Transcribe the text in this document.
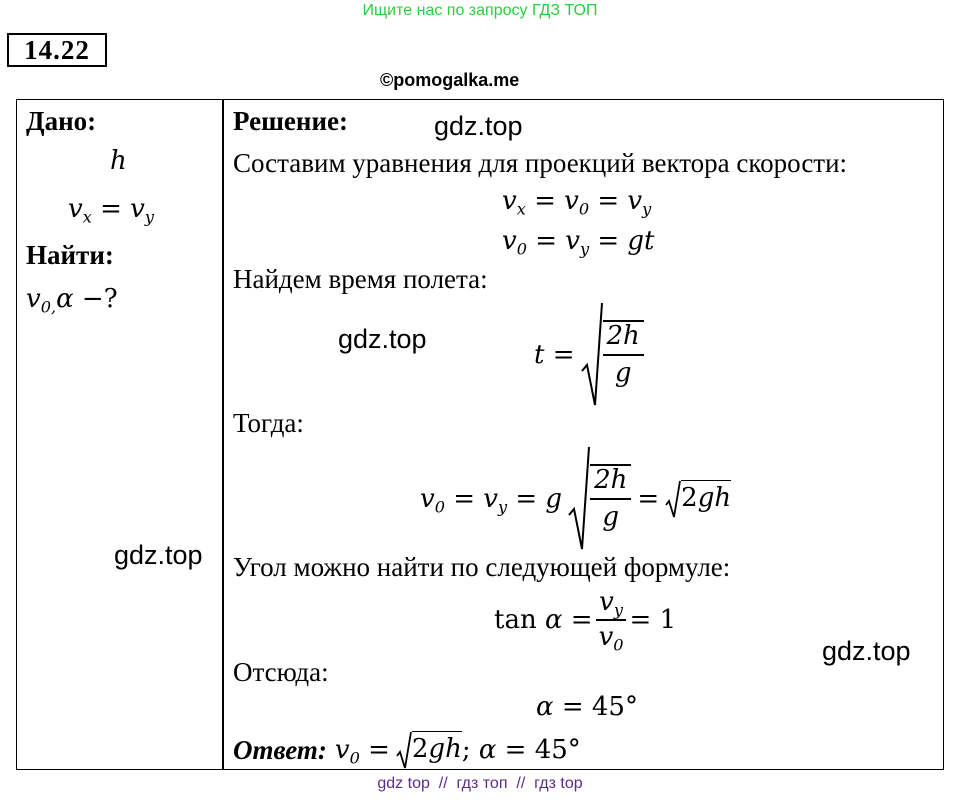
Ищите нас по запросу ГДЗ ТОП
14.22
©pomogalka.me
Дано:
h
$v_x = v_y$
Найти:
$v_{0,}\alpha$ −?
Решение:
Составим уравнения для проекций вектора скорости:
$v_x = v_0 = v_y$
$v_0 = v_y$ = gt
Найдем время полета:
$t = \frac{2h}{g}$
Тогда:
$v_0 = v_y = g \frac{2h}{g} = 2gh$
Угол можно найти по следующей формуле:
$\tan \alpha = \frac{v_y}{v_0} = 1$
Отсюда:
α = 45°
Ответ: $v_0 = 2gh$ ; α = 45°
gdz.top
gdz.top
gdz.top
gdz.top
gdz top  //  гдз топ  //  гдз top
